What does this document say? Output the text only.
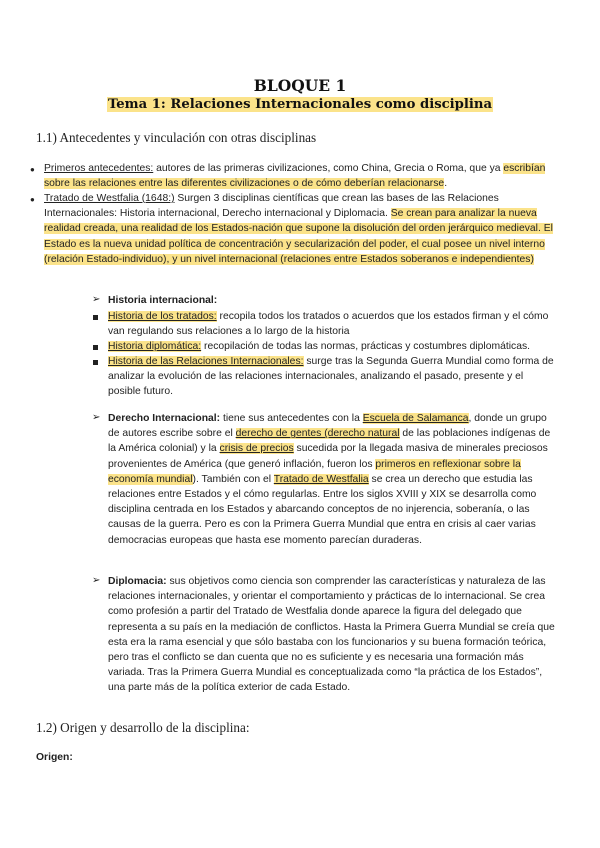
BLOQUE 1
Tema 1: Relaciones Internacionales como disciplina
1.1) Antecedentes y vinculación con otras disciplinas
● Primeros antecedentes: autores de las primeras civilizaciones, como China, Grecia o Roma, que ya escribían sobre las relaciones entre las diferentes civilizaciones o de cómo deberían relacionarse.
● Tratado de Westfalia (1648:) Surgen 3 disciplinas científicas que crean las bases de las Relaciones Internacionales: Historia internacional, Derecho internacional y Diplomacia. Se crean para analizar la nueva realidad creada, una realidad de los Estados-nación que supone la disolución del orden jerárquico medieval. El Estado es la nueva unidad política de concentración y secularización del poder, el cual posee un nivel interno (relación Estado-individuo), y un nivel internacional (relaciones entre Estados soberanos e independientes)
➢ Historia internacional:
Historia de los tratados: recopila todos los tratados o acuerdos que los estados firman y el cómo van regulando sus relaciones a lo largo de la historia
Historia diplomática: recopilación de todas las normas, prácticas y costumbres diplomáticas.
Historia de las Relaciones Internacionales: surge tras la Segunda Guerra Mundial como forma de analizar la evolución de las relaciones internacionales, analizando el pasado, presente y el posible futuro.
➢ Derecho Internacional: tiene sus antecedentes con la Escuela de Salamanca, donde un grupo de autores escribe sobre el derecho de gentes (derecho natural de las poblaciones indígenas de la América colonial) y la crisis de precios sucedida por la llegada masiva de minerales preciosos provenientes de América (que generó inflación, fueron los primeros en reflexionar sobre la economía mundial). También con el Tratado de Westfalia se crea un derecho que estudia las relaciones entre Estados y el cómo regularlas. Entre los siglos XVIII y XIX se desarrolla como disciplina centrada en los Estados y abarcando conceptos de no injerencia, soberanía, o las causas de la guerra. Pero es con la Primera Guerra Mundial que entra en crisis al caer varias democracias europeas que hasta ese momento parecían duraderas.
➢ Diplomacia: sus objetivos como ciencia son comprender las características y naturaleza de las relaciones internacionales, y orientar el comportamiento y prácticas de lo internacional. Se crea como profesión a partir del Tratado de Westfalia donde aparece la figura del delegado que representa a su país en la mediación de conflictos. Hasta la Primera Guerra Mundial se creía que esta era la rama esencial y que sólo bastaba con los funcionarios y su buena formación teórica, pero tras el conflicto se dan cuenta que no es suficiente y es necesaria una formación más variada. Tras la Primera Guerra Mundial es conceptualizada como “la práctica de los Estados”, una parte más de la política exterior de cada Estado.
1.2) Origen y desarrollo de la disciplina:
Origen:
